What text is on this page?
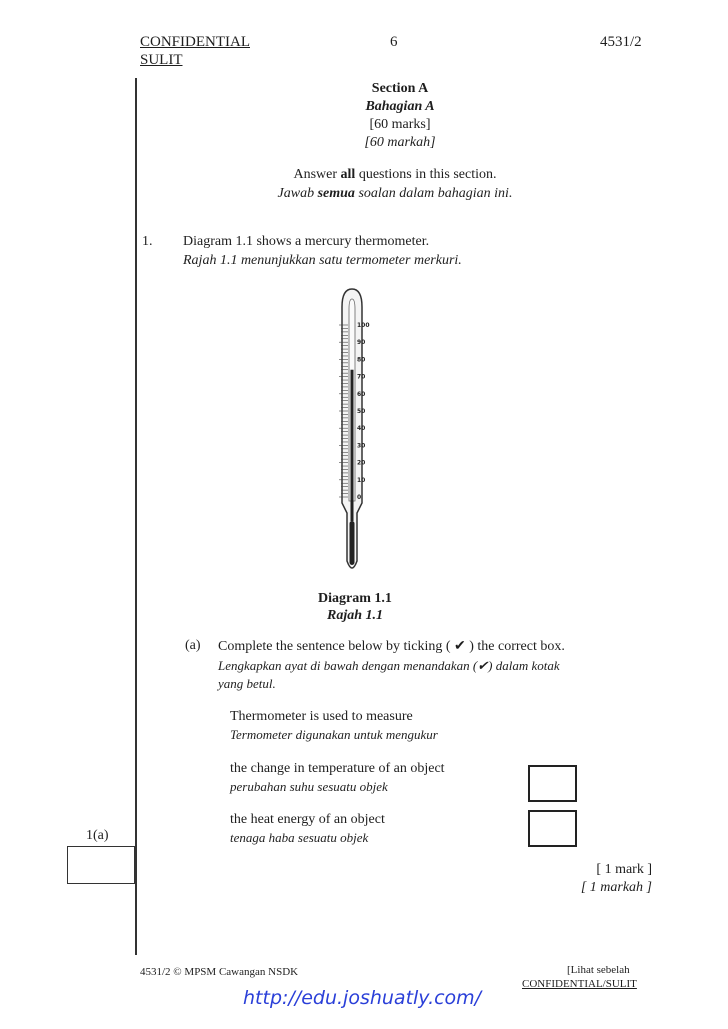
CONFIDENTIAL
SULIT
6	4531/2
Section A
Bahagian A
[60 marks]
[60 markah]
Answer all questions in this section.
Jawab semua soalan dalam bahagian ini.
1. Diagram 1.1 shows a mercury thermometer.
Rajah 1.1 menunjukkan satu termometer merkuri.
100
90
80
70
60
50
40
30
20
10
0
Diagram 1.1
Rajah 1.1
(a) Complete the sentence below by ticking ( ✔ ) the correct box.
Lengkapkan ayat di bawah dengan menandakan (✔) dalam kotak
yang betul.
Thermometer is used to measure
Termometer digunakan untuk mengukur
the change in temperature of an object
perubahan suhu sesuatu objek
the heat energy of an object
tenaga haba sesuatu objek
1(a)
[ 1 mark ]
[ 1 markah ]
4531/2 © MPSM Cawangan NSDK	[Lihat sebelah
CONFIDENTIAL/SULIT
http://edu.joshuatly.com/
